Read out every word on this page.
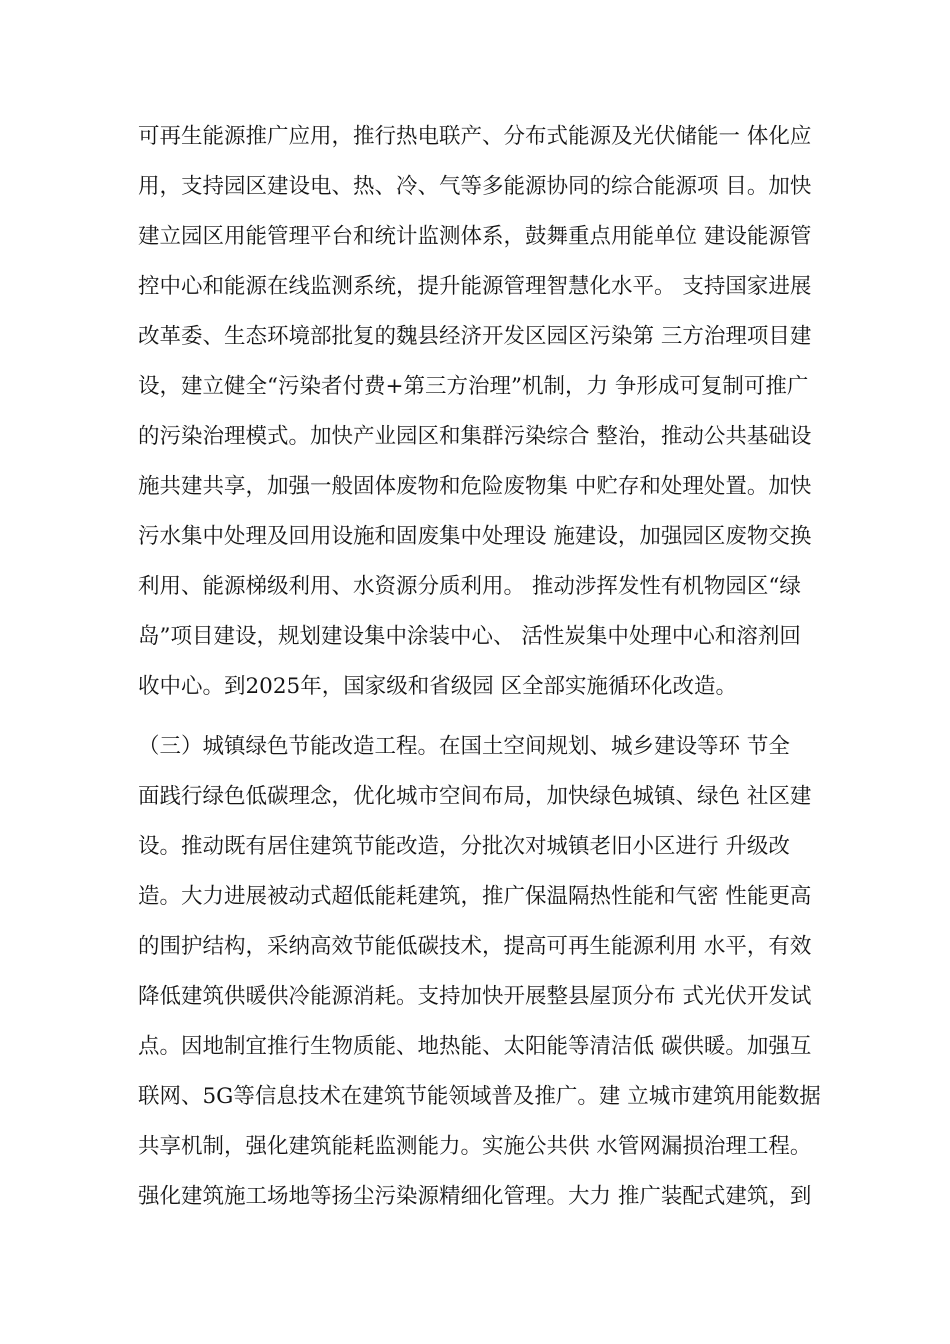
可再生能源推广应用，推行热电联产、分布式能源及光伏储能一 体化应
用，支持园区建设电、热、冷、气等多能源协同的综合能源项 目。加快
建立园区用能管理平台和统计监测体系，鼓舞重点用能单位 建设能源管
控中心和能源在线监测系统，提升能源管理智慧化水平。 支持国家进展
改革委、生态环境部批复的魏县经济开发区园区污染第 三方治理项目建
设，建立健全“污染者付费+第三方治理”机制，力 争形成可复制可推广
的污染治理模式。加快产业园区和集群污染综合 整治，推动公共基础设
施共建共享，加强一般固体废物和危险废物集 中贮存和处理处置。加快
污水集中处理及回用设施和固废集中处理设 施建设，加强园区废物交换
利用、能源梯级利用、水资源分质利用。 推动涉挥发性有机物园区“绿
岛”项目建设，规划建设集中涂装中心、 活性炭集中处理中心和溶剂回
收中心。到2025年，国家级和省级园 区全部实施循环化改造。
（三）城镇绿色节能改造工程。在国土空间规划、城乡建设等环 节全
面践行绿色低碳理念，优化城市空间布局，加快绿色城镇、绿色 社区建
设。推动既有居住建筑节能改造，分批次对城镇老旧小区进行 升级改
造。大力进展被动式超低能耗建筑，推广保温隔热性能和气密 性能更高
的围护结构，采纳高效节能低碳技术，提高可再生能源利用 水平，有效
降低建筑供暖供冷能源消耗。支持加快开展整县屋顶分布 式光伏开发试
点。因地制宜推行生物质能、地热能、太阳能等清洁低 碳供暖。加强互
联网、5G等信息技术在建筑节能领域普及推广。建 立城市建筑用能数据
共享机制，强化建筑能耗监测能力。实施公共供 水管网漏损治理工程。
强化建筑施工场地等扬尘污染源精细化管理。大力 推广装配式建筑，到
